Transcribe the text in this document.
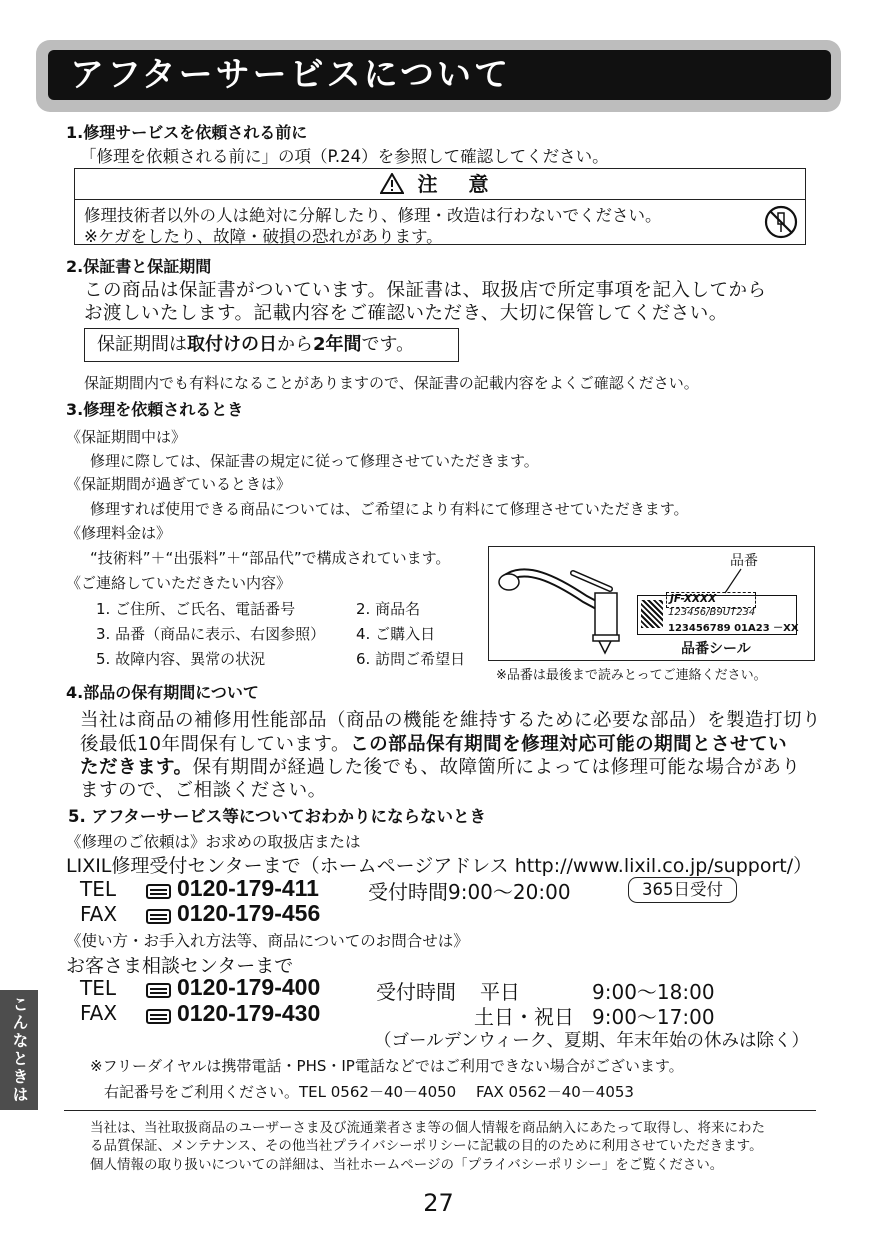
アフターサービスについて
1.修理サービスを依頼される前に
「修理を依頼される前に」の項（P.24）を参照して確認してください。
注 意
修理技術者以外の人は絶対に分解したり、修理・改造は行わないでください。
※ケガをしたり、故障・破損の恐れがあります。
2.保証書と保証期間
この商品は保証書がついています。保証書は、取扱店で所定事項を記入してから
お渡しいたします。記載内容をご確認いただき、大切に保管してください。
保証期間は取付けの日から2年間です。
保証期間内でも有料になることがありますので、保証書の記載内容をよくご確認ください。
3.修理を依頼されるとき
《保証期間中は》
修理に際しては、保証書の規定に従って修理させていただきます。
《保証期間が過ぎているときは》
修理すれば使用できる商品については、ご希望により有料にて修理させていただきます。
《修理料金は》
“技術料”＋“出張料”＋“部品代”で構成されています。
《ご連絡していただきたい内容》
1. ご住所、ご氏名、電話番号	2. 商品名
3. 品番（商品に表示、右図参照） 4. ご購入日
5. 故障内容、異常の状況	6. 訪問ご希望日
品番
JF-XXXX
123456/B9UT234
123456789 01A23 －XX
品番シール
※品番は最後まで読みとってご連絡ください。
4.部品の保有期間について
当社は商品の補修用性能部品（商品の機能を維持するために必要な部品）を製造打切り
後最低10年間保有しています。この部品保有期間を修理対応可能の期間とさせてい
ただきます。保有期間が経過した後でも、故障箇所によっては修理可能な場合があり
ますので、ご相談ください。
5. アフターサービス等についておわかりにならないとき
《修理のご依頼は》お求めの取扱店または
LIXIL修理受付センターまで（ホームページアドレス http://www.lixil.co.jp/support/）
TEL	0120-179-411 受付時間9:00～20:00	365日受付
FAX	0120-179-456
《使い方・お手入れ方法等、商品についてのお問合せは》
お客さま相談センターまで
TEL	0120-179-400	受付時間 平日	9:00～18:00
FAX	0120-179-430	土日・祝日 9:00～17:00
（ゴールデンウィーク、夏期、年末年始の休みは除く）
※フリーダイヤルは携帯電話・PHS・IP電話などではご利用できない場合がございます。
右記番号をご利用ください。TEL 0562－40－4050　 FAX 0562－40－4053
こんなときは
当社は、当社取扱商品のユーザーさま及び流通業者さま等の個人情報を商品納入にあたって取得し、将来にわた
る品質保証、メンテナンス、その他当社プライバシーポリシーに記載の目的のために利用させていただきます。
個人情報の取り扱いについての詳細は、当社ホームページの「プライバシーポリシー」をご覧ください。
27
